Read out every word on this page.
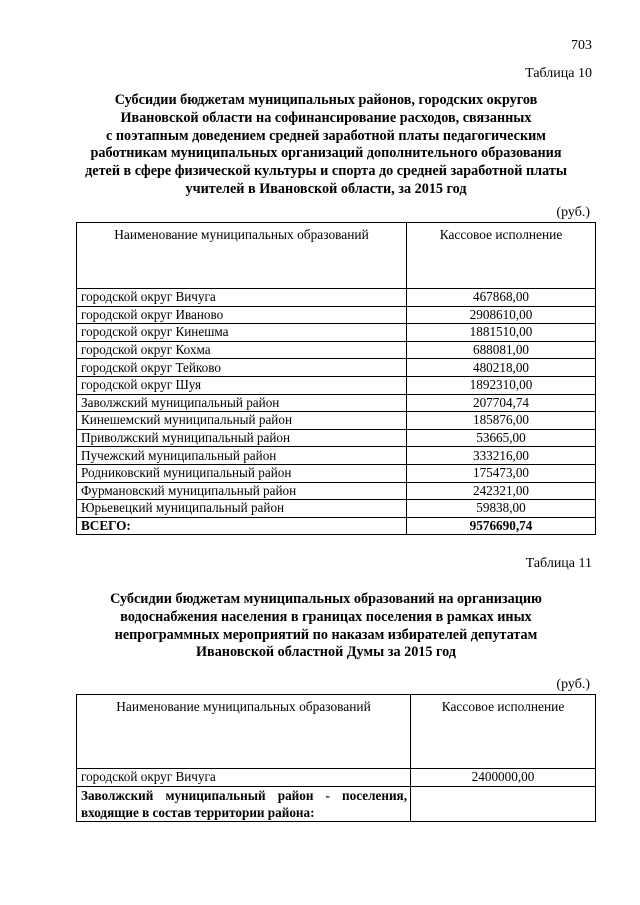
703
Таблица 10
Субсидии бюджетам муниципальных районов, городских округов
Ивановской области на софинансирование расходов, связанных
с поэтапным доведением средней заработной платы педагогическим
работникам муниципальных организаций дополнительного образования
детей в сфере физической культуры и спорта до средней заработной платы
учителей в Ивановской области, за 2015 год
(руб.)
Наименование муниципальных образований	Кассовое исполнение
городской округ Вичуга	467868,00
городской округ Иваново	2908610,00
городской округ Кинешма	1881510,00
городской округ Кохма	688081,00
городской округ Тейково	480218,00
городской округ Шуя	1892310,00
Заволжский муниципальный район	207704,74
Кинешемский муниципальный район	185876,00
Приволжский муниципальный район	53665,00
Пучежский муниципальный район	333216,00
Родниковский муниципальный район	175473,00
Фурмановский муниципальный район	242321,00
Юрьевецкий муниципальный район	59838,00
ВСЕГО:	9576690,74
Таблица 11
Субсидии бюджетам муниципальных образований на организацию
водоснабжения населения в границах поселения в рамках иных
непрограммных мероприятий по наказам избирателей депутатам
Ивановской областной Думы за 2015 год
(руб.)
Наименование муниципальных образований	Кассовое исполнение
городской округ Вичуга	2400000,00
Заволжский муниципальный район - поселения, входящие в состав территории района:	
